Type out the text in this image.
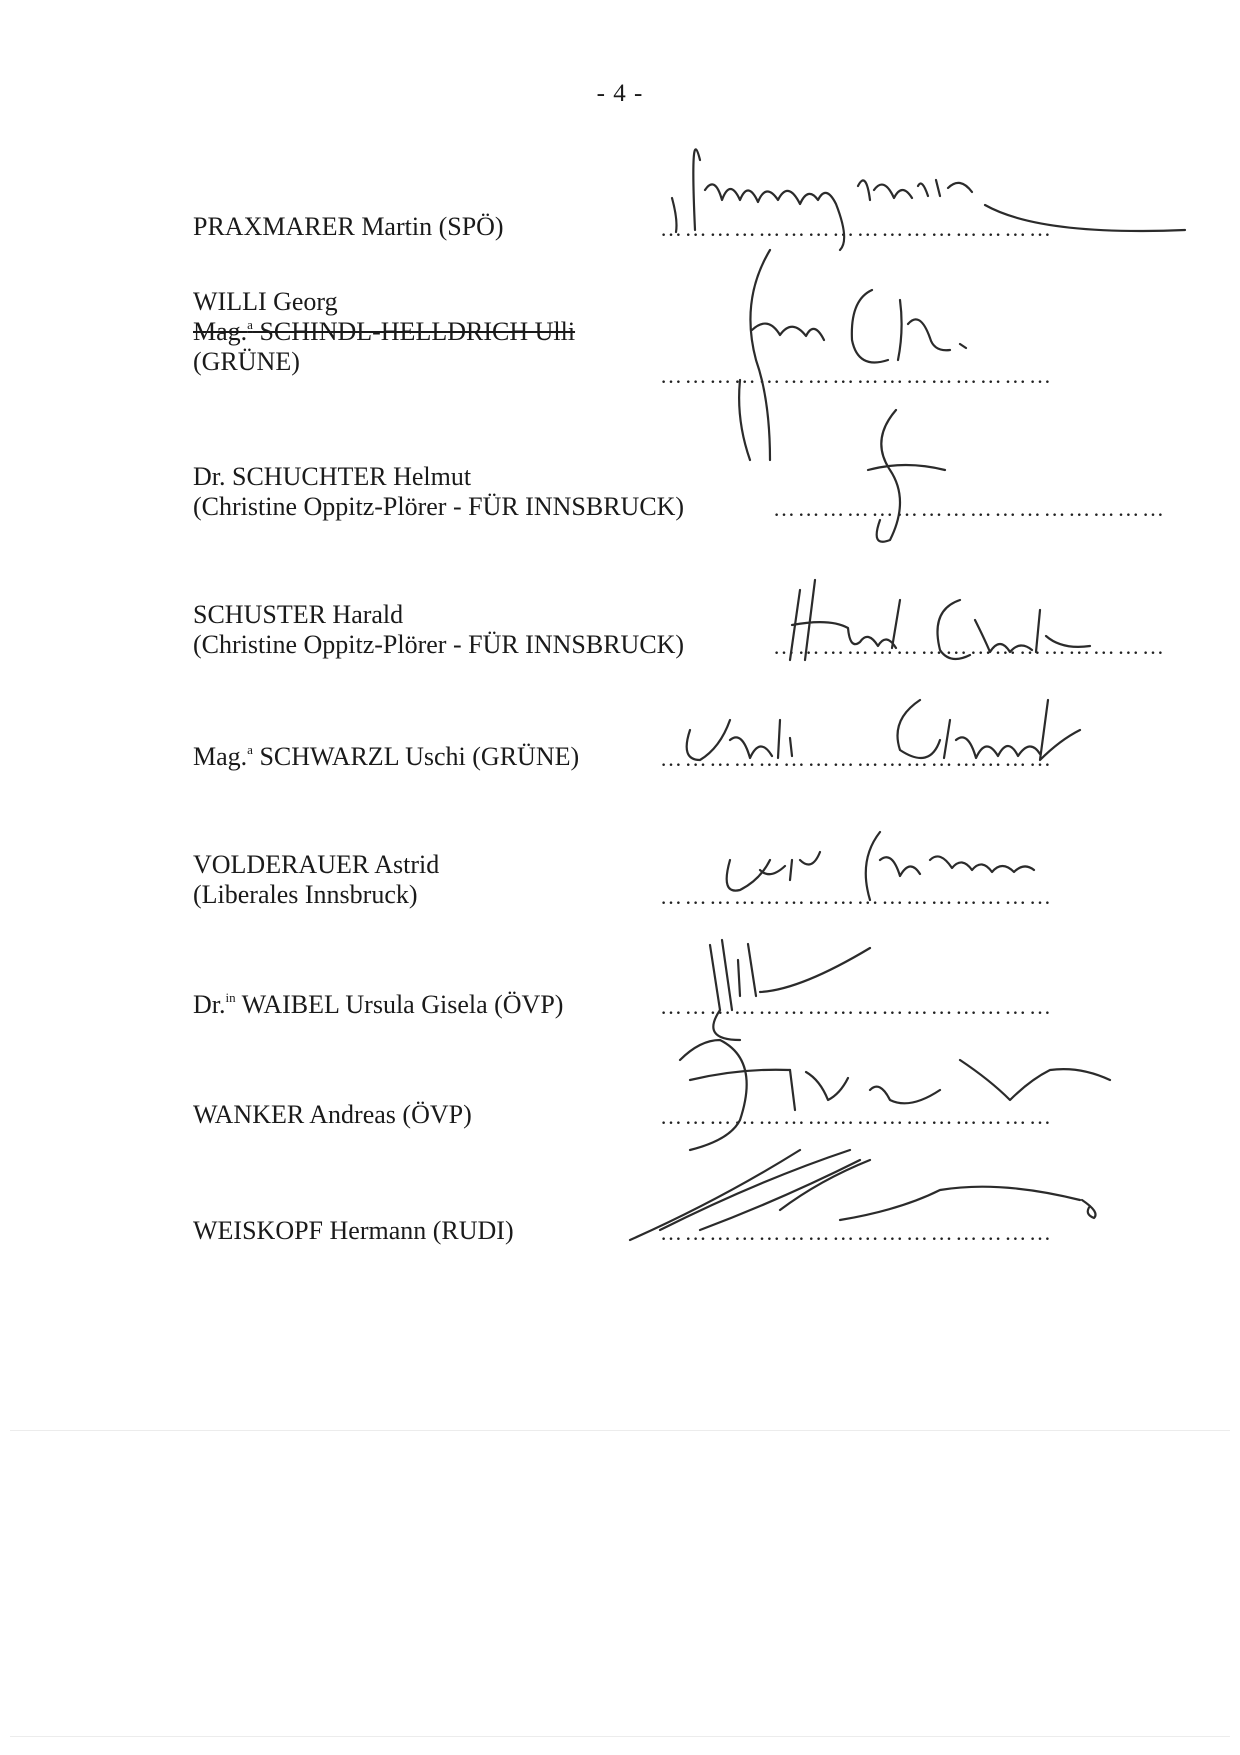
- 4 -
PRAXMARER Martin (SPÖ)	…………………………………………
WILLI Georg
Mag.$^a$ SCHINDL-HELLDRICH Ulli
(GRÜNE)	…………………………………………
Dr. SCHUCHTER Helmut
(Christine Oppitz-Plörer - FÜR INNSBRUCK)	…………………………………………
SCHUSTER Harald
(Christine Oppitz-Plörer - FÜR INNSBRUCK)	…………………………………………
Mag.$^a$ SCHWARZL Uschi (GRÜNE)	…………………………………………
VOLDERAUER Astrid
(Liberales Innsbruck)	…………………………………………
Dr.$^{in}$ WAIBEL Ursula Gisela (ÖVP)	…………………………………………
WANKER Andreas (ÖVP)	…………………………………………
WEISKOPF Hermann (RUDI)	…………………………………………
